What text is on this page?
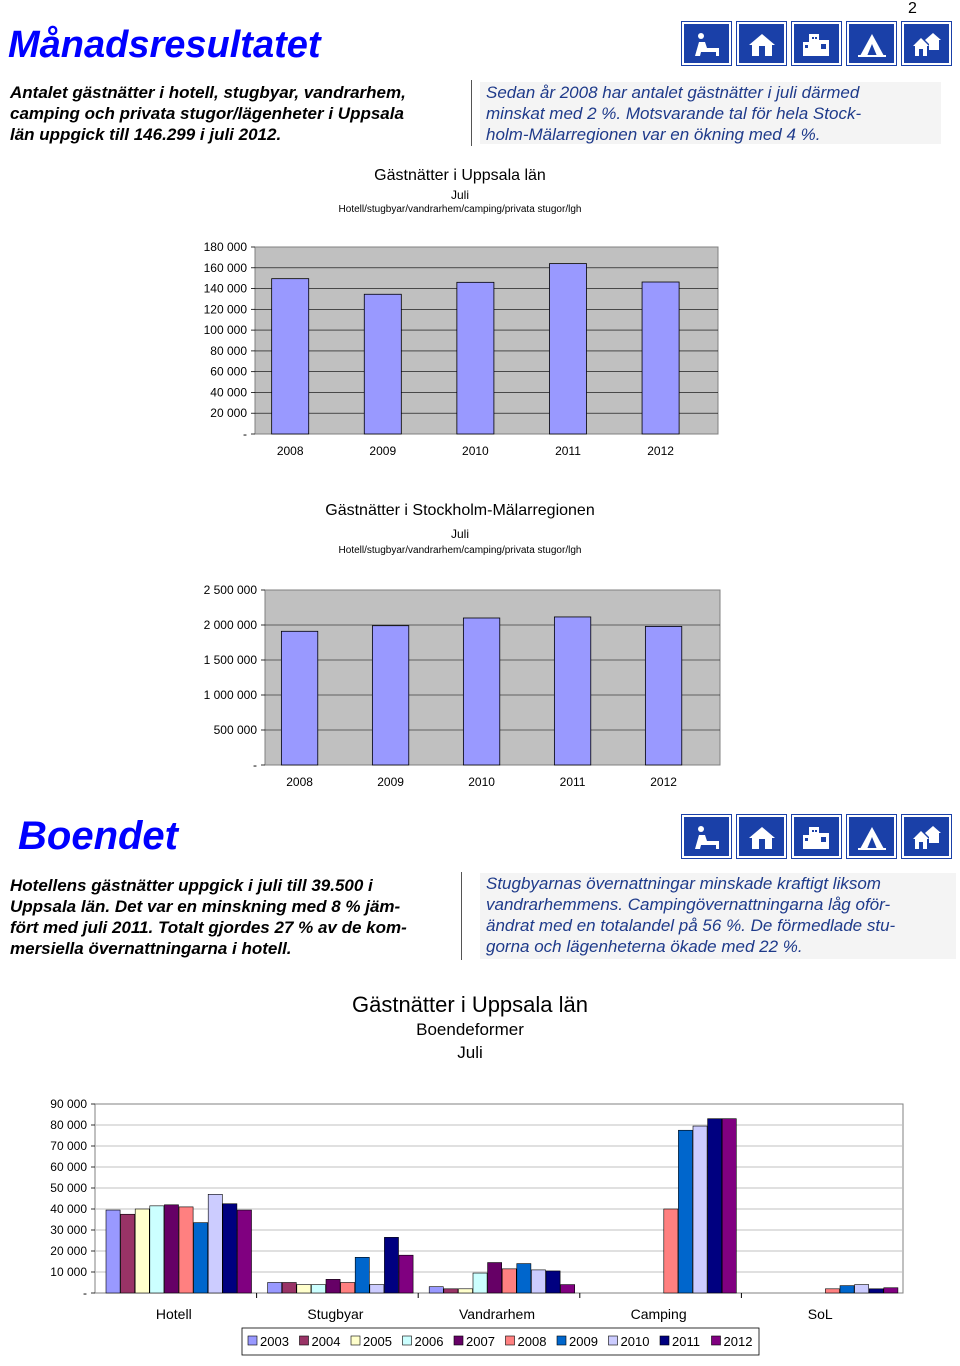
2
Månadsresultatet
Antalet gästnätter i hotell, stugbyar, vandrarhem,
camping och privata stugor/lägenheter i Uppsala
län uppgick till 146.299 i juli 2012.
Sedan år 2008 har antalet gästnätter i juli därmed
minskat med 2 %. Motsvarande tal för hela Stock-
holm-Mälarregionen var en ökning med 4 %.
Gästnätter i Uppsala län
Juli
Hotell/stugbyar/vandrarhem/camping/privata stugor/lgh
-
20 000
40 000
60 000
80 000
100 000
120 000
140 000
160 000
180 000
2008	2009	2010	2011	2012
Gästnätter i Stockholm-Mälarregionen
Juli
Hotell/stugbyar/vandrarhem/camping/privata stugor/lgh
-
500 000
1 000 000
1 500 000
2 000 000
2 500 000
2008	2009	2010	2011	2012
Boendet
Hotellens gästnätter uppgick i juli till 39.500 i
Uppsala län. Det var en minskning med 8 % jäm-
fört med juli 2011. Totalt gjordes 27 % av de kom-
mersiella övernattningarna i hotell.
Stugbyarnas övernattningar minskade kraftigt liksom
vandrarhemmens. Campingövernattningarna låg oför-
ändrat med en totalandel på 56 %. De förmedlade stu-
gorna och lägenheterna ökade med 22 %.
Gästnätter i Uppsala län
Boendeformer
Juli
-
10 000
20 000
30 000
40 000
50 000
60 000
70 000
80 000
90 000
Hotell	Stugbyar	Vandrarhem	Camping	SoL
2003 2004 2005 2006 2007 2008 2009 2010 2011 2012
